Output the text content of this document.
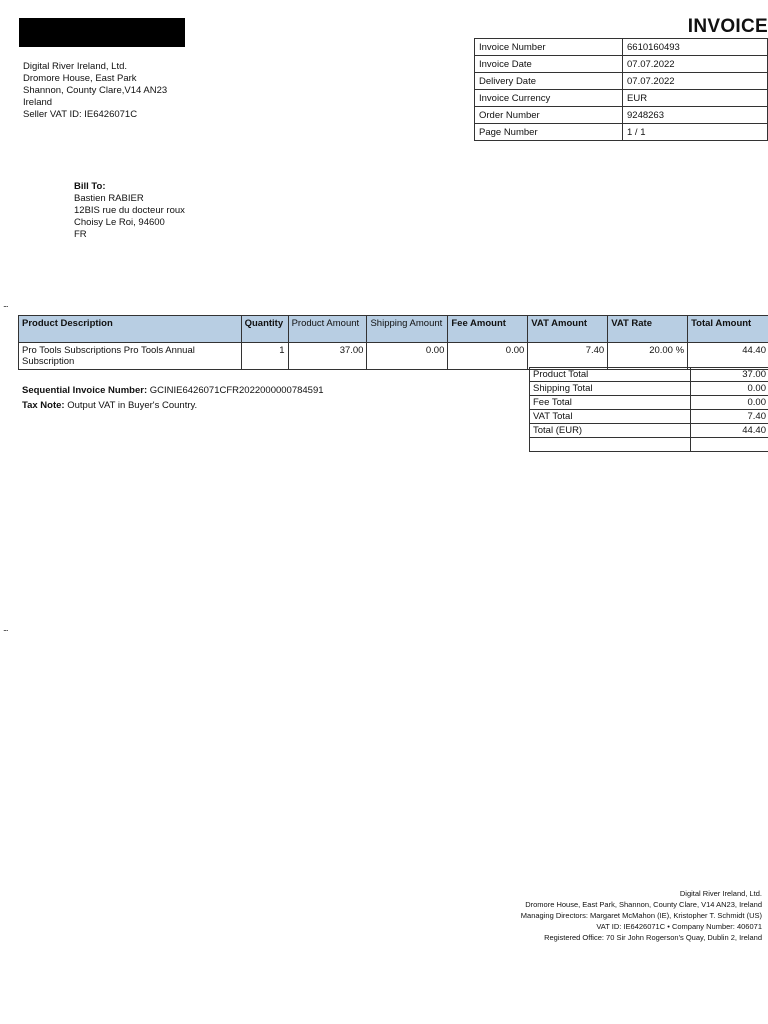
INVOICE
Digital River Ireland, Ltd.
Dromore House, East Park
Shannon, County Clare,V14 AN23
Ireland
Seller VAT ID: IE6426071C
Invoice Number	6610160493
Invoice Date	07.07.2022
Delivery Date	07.07.2022
Invoice Currency	EUR
Order Number	9248263
Page Number	1 / 1
Bill To:
Bastien RABIER
12BIS rue du docteur roux
Choisy Le Roi, 94600
FR
...
Product Description	Quantity	Product Amount	Shipping Amount	Fee Amount	VAT Amount	VAT Rate	Total Amount
Pro Tools Subscriptions Pro Tools Annual Subscription	1	37.00	0.00	0.00	7.40	20.00 %	44.40
Sequential Invoice Number: GCINIE6426071CFR2022000000784591
Tax Note: Output VAT in Buyer's Country.
Product Total	37.00
Shipping Total	0.00
Fee Total	0.00
VAT Total	7.40
Total (EUR)	44.40

...
Digital River Ireland, Ltd.
Dromore House, East Park, Shannon, County Clare, V14 AN23, Ireland
Managing Directors: Margaret McMahon (IE), Kristopher T. Schmidt (US)
VAT ID: IE6426071C • Company Number: 406071
Registered Office: 70 Sir John Rogerson's Quay, Dublin 2, Ireland
